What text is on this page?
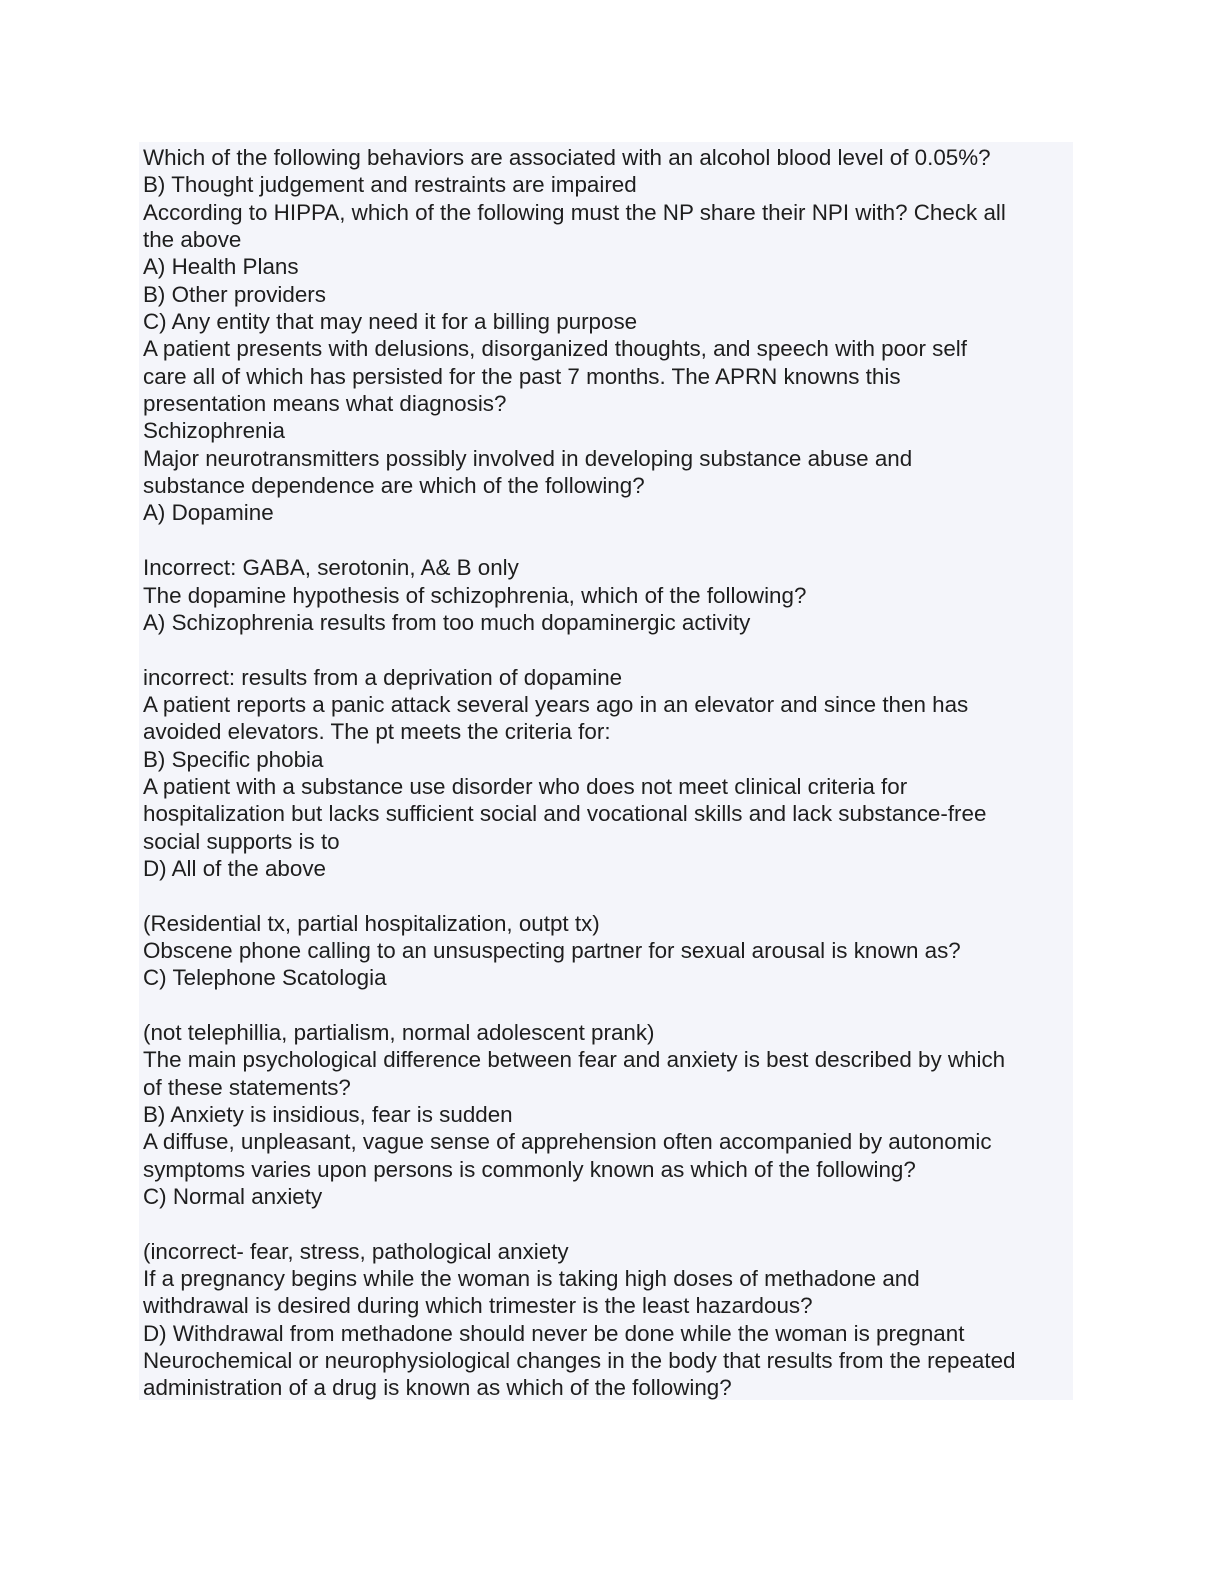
Which of the following behaviors are associated with an alcohol blood level of 0.05%?
B) Thought judgement and restraints are impaired
According to HIPPA, which of the following must the NP share their NPI with? Check all
the above
A) Health Plans
B) Other providers
C) Any entity that may need it for a billing purpose
A patient presents with delusions, disorganized thoughts, and speech with poor self
care all of which has persisted for the past 7 months. The APRN knowns this
presentation means what diagnosis?
Schizophrenia
Major neurotransmitters possibly involved in developing substance abuse and
substance dependence are which of the following?
A) Dopamine
Incorrect: GABA, serotonin, A& B only
The dopamine hypothesis of schizophrenia, which of the following?
A) Schizophrenia results from too much dopaminergic activity
incorrect: results from a deprivation of dopamine
A patient reports a panic attack several years ago in an elevator and since then has
avoided elevators. The pt meets the criteria for:
B) Specific phobia
A patient with a substance use disorder who does not meet clinical criteria for
hospitalization but lacks sufficient social and vocational skills and lack substance-free
social supports is to
D) All of the above
(Residential tx, partial hospitalization, outpt tx)
Obscene phone calling to an unsuspecting partner for sexual arousal is known as?
C) Telephone Scatologia
(not telephillia, partialism, normal adolescent prank)
The main psychological difference between fear and anxiety is best described by which
of these statements?
B) Anxiety is insidious, fear is sudden
A diffuse, unpleasant, vague sense of apprehension often accompanied by autonomic
symptoms varies upon persons is commonly known as which of the following?
C) Normal anxiety
(incorrect- fear, stress, pathological anxiety
If a pregnancy begins while the woman is taking high doses of methadone and
withdrawal is desired during which trimester is the least hazardous?
D) Withdrawal from methadone should never be done while the woman is pregnant
Neurochemical or neurophysiological changes in the body that results from the repeated
administration of a drug is known as which of the following?
